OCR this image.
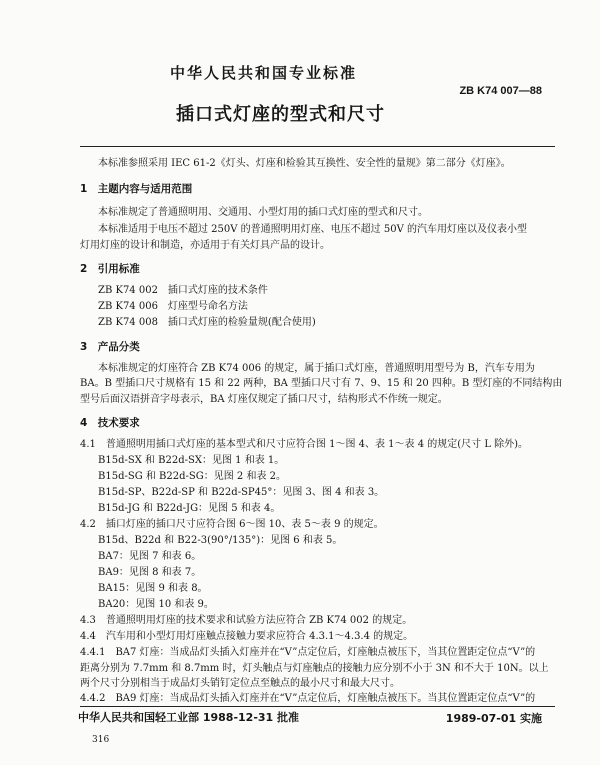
中华人民共和国专业标准
ZB K74 007—88
插口式灯座的型式和尺寸
本标准参照采用 IEC 61-2《灯头、灯座和检验其互换性、安全性的量规》第二部分《灯座》。
1　主题内容与适用范围
本标准规定了普通照明用、交通用、小型灯用的插口式灯座的型式和尺寸。
本标准适用于电压不超过 250V 的普通照明用灯座、电压不超过 50V 的汽车用灯座以及仪表小型
灯用灯座的设计和制造，亦适用于有关灯具产品的设计。
2　引用标准
ZB K74 002　插口式灯座的技术条件
ZB K74 006　灯座型号命名方法
ZB K74 008　插口式灯座的检验量规(配合使用)
3　产品分类
本标准规定的灯座符合 ZB K74 006 的规定，属于插口式灯座，普通照明用型号为 B，汽车专用为
BA。B 型插口尺寸规格有 15 和 22 两种，BA 型插口尺寸有 7、9、15 和 20 四种。B 型灯座的不同结构由
型号后面汉语拼音字母表示，BA 灯座仅规定了插口尺寸，结构形式不作统一规定。
4　技术要求
4.1　普通照明用插口式灯座的基本型式和尺寸应符合图 1～图 4、表 1～表 4 的规定(尺寸 L 除外)。
B15d-SX 和 B22d-SX：见图 1 和表 1。
B15d-SG 和 B22d-SG：见图 2 和表 2。
B15d-SP、B22d-SP 和 B22d-SP45°：见图 3、图 4 和表 3。
B15d-JG 和 B22d-JG：见图 5 和表 4。
4.2　插口灯座的插口尺寸应符合图 6～图 10、表 5～表 9 的规定。
B15d、B22d 和 B22-3(90°/135°)：见图 6 和表 5。
BA7：见图 7 和表 6。
BA9：见图 8 和表 7。
BA15：见图 9 和表 8。
BA20：见图 10 和表 9。
4.3　普通照明用灯座的技术要求和试验方法应符合 ZB K74 002 的规定。
4.4　汽车用和小型灯用灯座触点接触力要求应符合 4.3.1～4.3.4 的规定。
4.4.1　BA7 灯座：当成品灯头插入灯座并在“V”点定位后，灯座触点被压下，当其位置距定位点“V”的
距离分别为 7.7mm 和 8.7mm 时，灯头触点与灯座触点的接触力应分别不小于 3N 和不大于 10N。以上
两个尺寸分别相当于成品灯头销钉定位点至触点的最小尺寸和最大尺寸。
4.4.2　BA9 灯座：当成品灯头插入灯座并在“V”点定位后，灯座触点被压下。当其位置距定位点“V”的
中华人民共和国轻工业部 1988-12-31 批准	1989-07-01 实施
316
